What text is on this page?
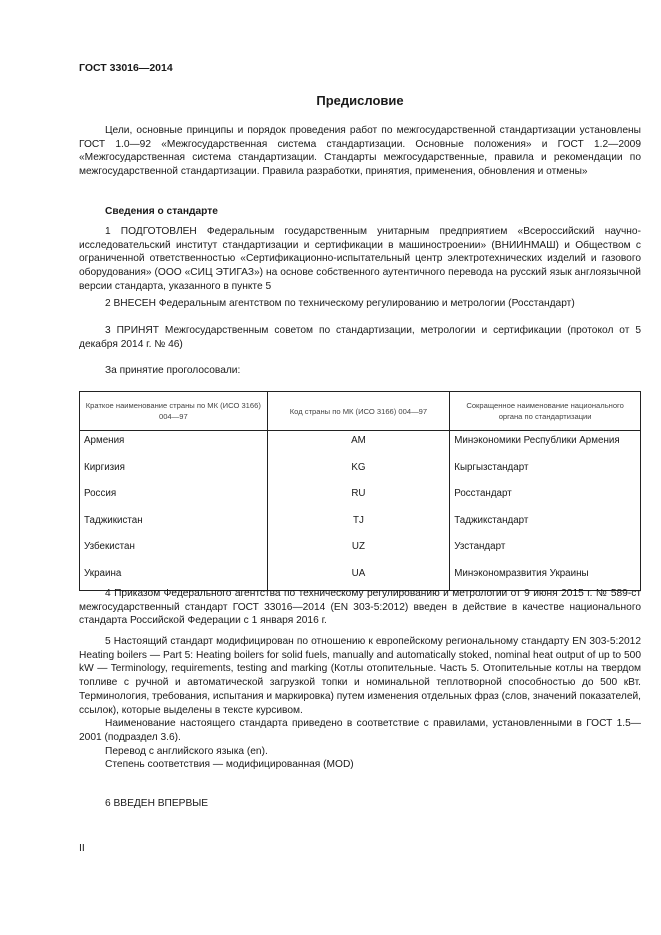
ГОСТ 33016—2014
Предисловие

Цели, основные принципы и порядок проведения работ по межгосударственной стандартизации установлены ГОСТ 1.0—92 «Межгосударственная система стандартизации. Основные положения» и ГОСТ 1.2—2009 «Межгосударственная система стандартизации. Стандарты межгосударственные, правила и рекомендации по межгосударственной стандартизации. Правила разработки, принятия, применения, обновления и отмены»

Сведения о стандарте

1 ПОДГОТОВЛЕН Федеральным государственным унитарным предприятием «Всероссийский научно-исследовательский институт стандартизации и сертификации в машиностроении» (ВНИИНМАШ) и Обществом с ограниченной ответственностью «Сертификационно-испытательный центр электротехнических изделий и газового оборудования» (ООО «СИЦ ЭТИГАЗ») на основе собственного аутентичного перевода на русский язык англоязычной версии стандарта, указанного в пункте 5

2 ВНЕСЕН Федеральным агентством по техническому регулированию и метрологии (Росстандарт)

3 ПРИНЯТ Межгосударственным советом по стандартизации, метрологии и сертификации (протокол от 5 декабря 2014 г. № 46)

За принятие проголосовали:

Краткое наименование страны по МК (ИСО 3166) 004—97	Код страны по МК (ИСО 3166) 004—97	Сокращенное наименование национального органа по стандартизации
Армения	AM	Минэкономики Республики Армения
Киргизия	KG	Кыргызстандарт
Россия	RU	Росстандарт
Таджикистан	TJ	Таджикстандарт
Узбекистан	UZ	Узстандарт
Украина	UA	Минэкономразвития Украины

4 Приказом Федерального агентства по техническому регулированию и метрологии от 9 июня 2015 г. № 589-ст межгосударственный стандарт ГОСТ 33016—2014 (EN 303-5:2012) введен в действие в качестве национального стандарта Российской Федерации с 1 января 2016 г.

5 Настоящий стандарт модифицирован по отношению к европейскому региональному стандарту EN 303-5:2012 Heating boilers — Part 5: Heating boilers for solid fuels, manually and automatically stoked, nominal heat output of up to 500 kW — Terminology, requirements, testing and marking (Котлы отопительные. Часть 5. Отопительные котлы на твердом топливе с ручной и автоматической загрузкой топки и номинальной теплотворной способностью до 500 кВт. Терминология, требования, испытания и маркировка) путем изменения отдельных фраз (слов, значений показателей, ссылок), которые выделены в тексте курсивом.

Наименование настоящего стандарта приведено в соответствие с правилами, установленными в ГОСТ 1.5—2001 (подраздел 3.6).

Перевод с английского языка (en).

Степень соответствия — модифицированная (MOD)

6 ВВЕДЕН ВПЕРВЫЕ

II
